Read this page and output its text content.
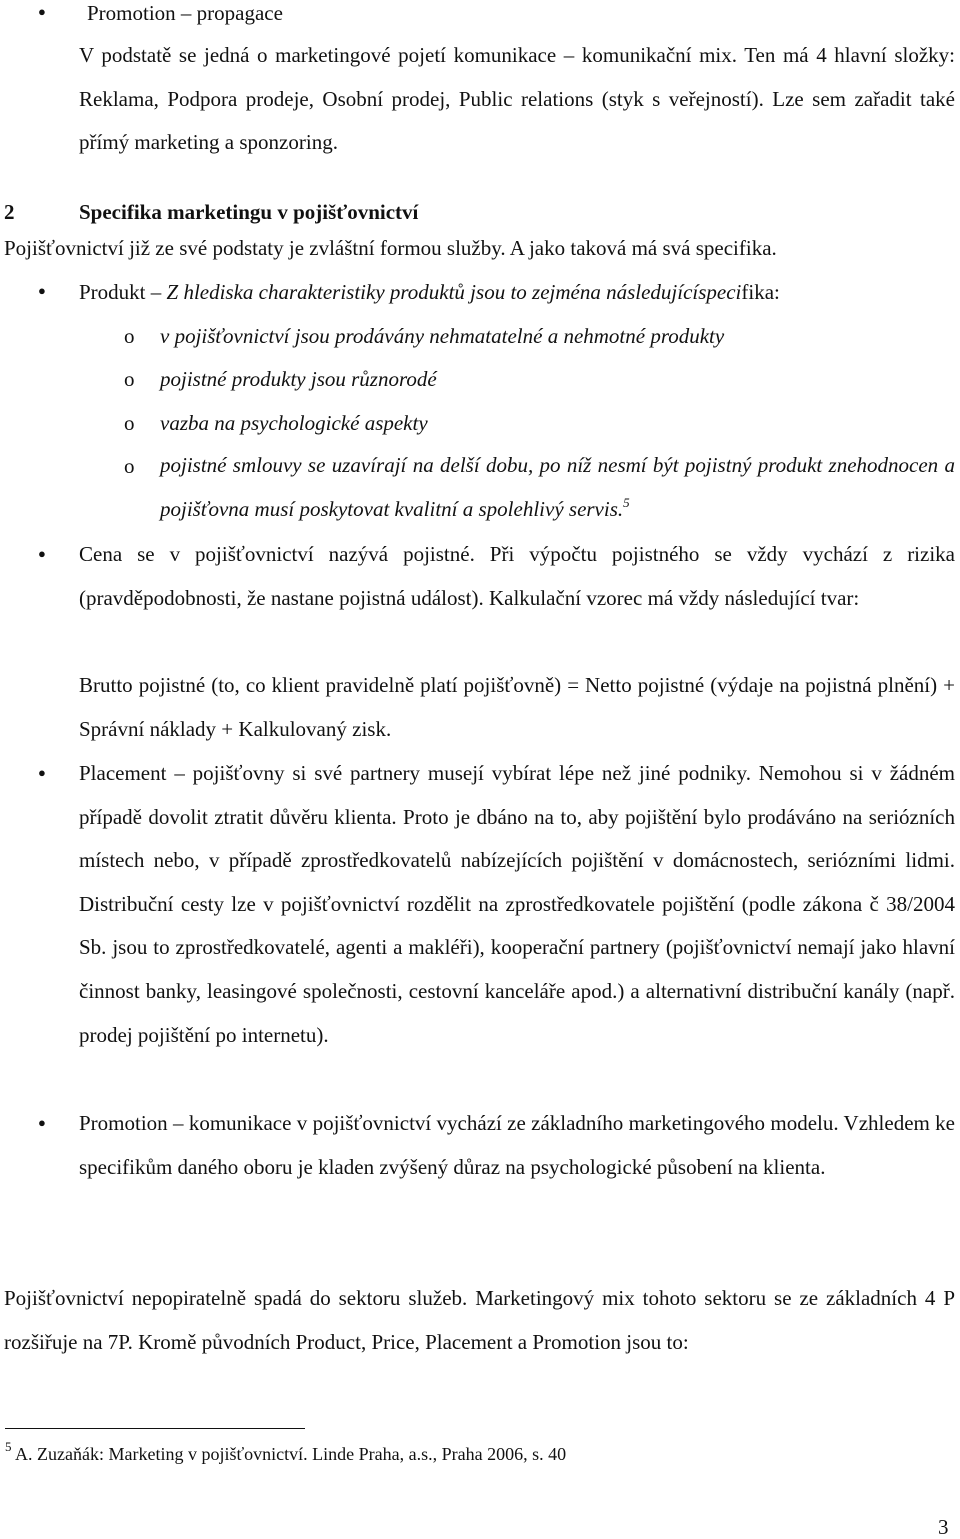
● Promotion – propagace

V podstatě se jedná o marketingové pojetí komunikace – komunikační mix. Ten má 4 hlavní složky: Reklama, Podpora prodeje, Osobní prodej, Public relations (styk s veřejností). Lze sem zařadit také přímý marketing a sponzoring.

2	Specifika marketingu v pojišťovnictví

Pojišťovnictví již ze své podstaty je zvláštní formou služby. A jako taková má svá specifika.

● Produkt – Z hlediska charakteristiky produktů jsou to zejména následujícíspecifika:

o v pojišťovnictví jsou prodávány nehmatatelné a nehmotné produkty

o pojistné produkty jsou různorodé

o vazba na psychologické aspekty

o pojistné smlouvy se uzavírají na delší dobu, po níž nesmí být pojistný produkt znehodnocen a pojišťovna musí poskytovat kvalitní a spolehlivý servis.$^5$

● Cena se v pojišťovnictví nazývá pojistné. Při výpočtu pojistného se vždy vychází z rizika (pravděpodobnosti, že nastane pojistná událost). Kalkulační vzorec má vždy následující tvar:

Brutto pojistné (to, co klient pravidelně platí pojišťovně) = Netto pojistné (výdaje na pojistná plnění) + Správní náklady + Kalkulovaný zisk.

● Placement – pojišťovny si své partnery musejí vybírat lépe než jiné podniky. Nemohou si v žádném případě dovolit ztratit důvěru klienta. Proto je dbáno na to, aby pojištění bylo prodáváno na seriózních místech nebo, v případě zprostředkovatelů nabízejících pojištění v domácnostech, seriózními lidmi. Distribuční cesty lze v pojišťovnictví rozdělit na zprostředkovatele pojištění (podle zákona č 38/2004 Sb. jsou to zprostředkovatelé, agenti a makléři), kooperační partnery (pojišťovnictví nemají jako hlavní činnost banky, leasingové společnosti, cestovní kanceláře apod.) a alternativní distribuční kanály (např. prodej pojištění po internetu).

● Promotion – komunikace v pojišťovnictví vychází ze základního marketingového modelu. Vzhledem ke specifikům daného oboru je kladen zvýšený důraz na psychologické působení na klienta.

Pojišťovnictví nepopiratelně spadá do sektoru služeb. Marketingový mix tohoto sektoru se ze základních 4 P rozšiřuje na 7P. Kromě původních Product, Price, Placement a Promotion jsou to:

$^5$ A. Zuzaňák: Marketing v pojišťovnictví. Linde Praha, a.s., Praha 2006, s. 40

3
